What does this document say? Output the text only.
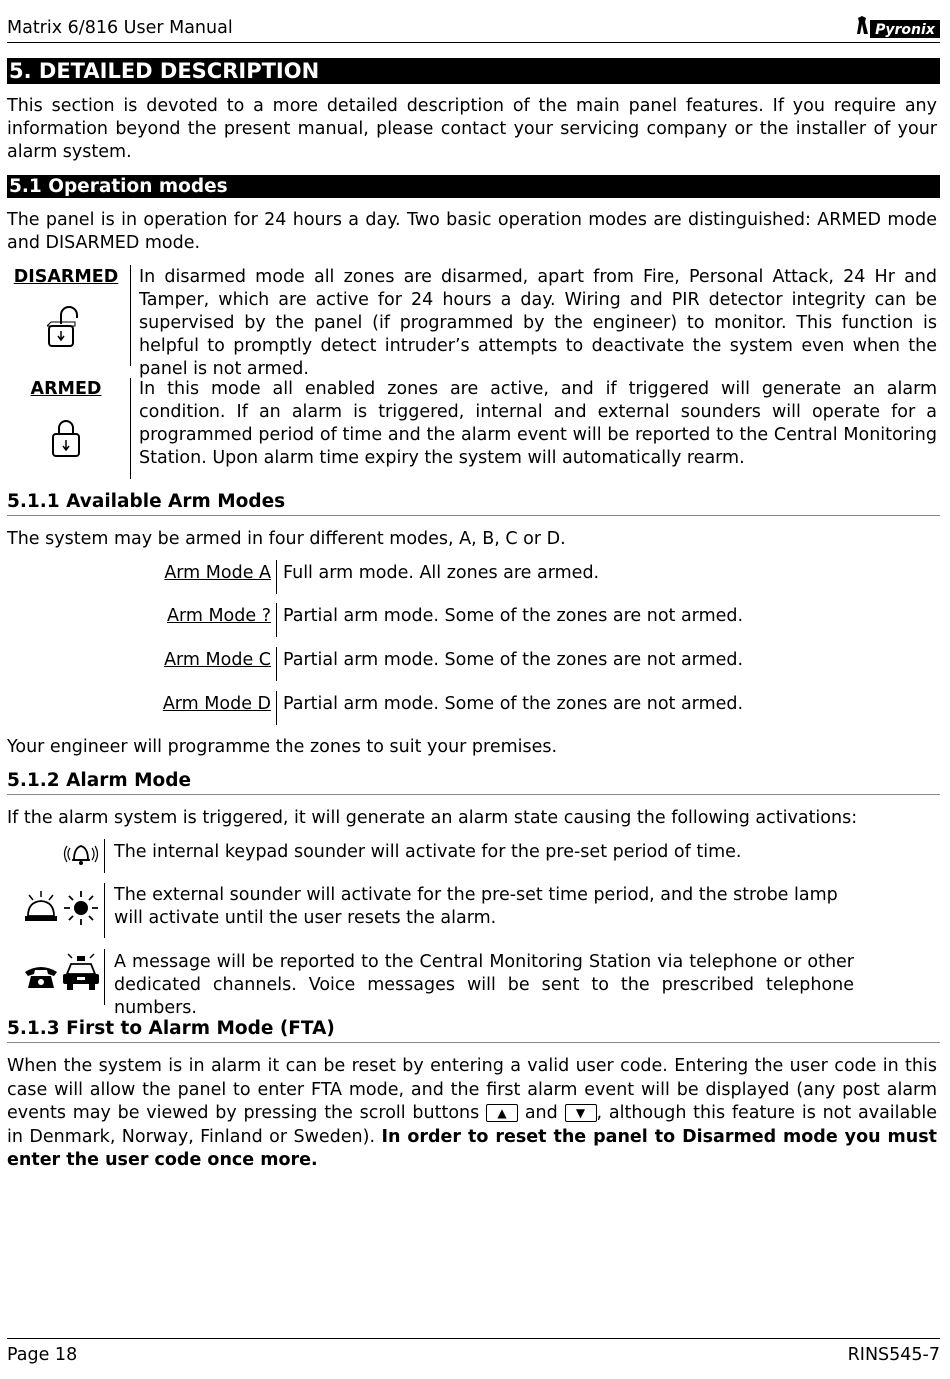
Matrix 6/816 User Manual	Pyronix
5. DETAILED DESCRIPTION
This section is devoted to a more detailed description of the main panel features. If you require any information beyond the present manual, please contact your servicing company or the installer of your alarm system.
5.1 Operation modes
The panel is in operation for 24 hours a day. Two basic operation modes are distinguished: ARMED mode and DISARMED mode.
DISARMED	In disarmed mode all zones are disarmed, apart from Fire, Personal Attack, 24 Hr and Tamper, which are active for 24 hours a day. Wiring and PIR detector integrity can be supervised by the panel (if programmed by the engineer) to monitor. This function is helpful to promptly detect intruder’s attempts to deactivate the system even when the panel is not armed.
ARMED	In this mode all enabled zones are active, and if triggered will generate an alarm condition. If an alarm is triggered, internal and external sounders will operate for a programmed period of time and the alarm event will be reported to the Central Monitoring Station. Upon alarm time expiry the system will automatically rearm.
5.1.1 Available Arm Modes
The system may be armed in four different modes, A, B, C or D.
Arm Mode A Full arm mode. All zones are armed.
Arm Mode ? Partial arm mode. Some of the zones are not armed.
Arm Mode C Partial arm mode. Some of the zones are not armed.
Arm Mode D Partial arm mode. Some of the zones are not armed.
Your engineer will programme the zones to suit your premises.
5.1.2 Alarm Mode
If the alarm system is triggered, it will generate an alarm state causing the following activations:
The internal keypad sounder will activate for the pre-set period of time.
The external sounder will activate for the pre-set time period, and the strobe lamp will activate until the user resets the alarm.
A message will be reported to the Central Monitoring Station via telephone or other dedicated channels. Voice messages will be sent to the prescribed telephone numbers.
5.1.3 First to Alarm Mode (FTA)
When the system is in alarm it can be reset by entering a valid user code. Entering the user code in this case will allow the panel to enter FTA mode, and the first alarm event will be displayed (any post alarm events may be viewed by pressing the scroll buttons ▲ and ▼ , although this feature is not available in Denmark, Norway, Finland or Sweden). In order to reset the panel to Disarmed mode you must enter the user code once more.
Page 18	RINS545-7
